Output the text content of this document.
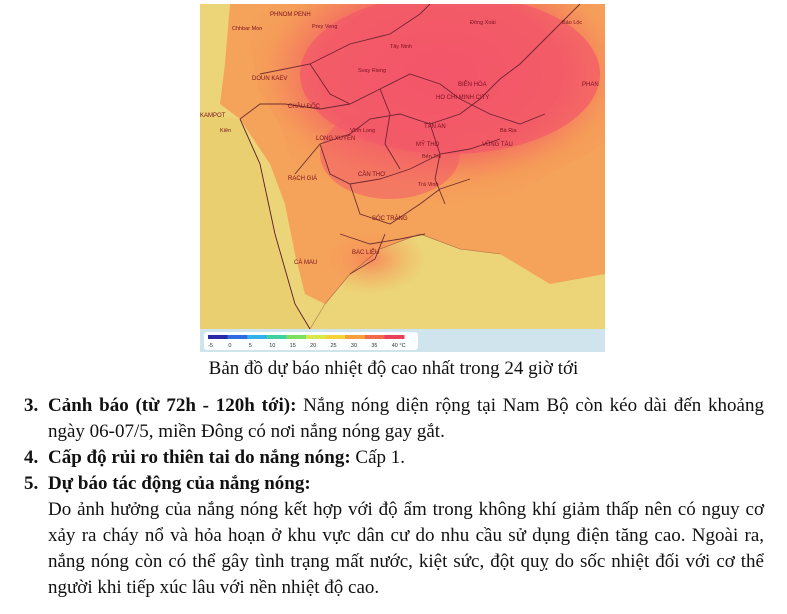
PHNOM PENH
Chhbar Mon	Prey Veng
Đồng Xoài	Bảo Lộc
Tây Ninh
Svay Rieng
DOUN KAEV
BIÊN HÒA	PHAN
HO CHI MINH CITY
CHÂU ĐỐC
KAMPOT
LONG XUYÊN
Vĩnh Long
TÂN AN
Bà Rịa
MỸ THO	VŨNG TÀU
Bến Tre
RẠCH GIÁ
CẦN THƠ
Trà Vinh
SÓC TRĂNG
BẠC LIÊU
CÀ MAU
Kiên
-5	0	5	10	15	20	25	30	35	40 °C
Bản đồ dự báo nhiệt độ cao nhất trong 24 giờ tới
3. Cảnh báo (từ 72h - 120h tới): Nắng nóng diện rộng tại Nam Bộ còn kéo dài đến khoảng ngày 06-07/5, miền Đông có nơi nắng nóng gay gắt.
4. Cấp độ rủi ro thiên tai do nắng nóng: Cấp 1.
5. Dự báo tác động của nắng nóng:
Do ảnh hưởng của nắng nóng kết hợp với độ ẩm trong không khí giảm thấp nên có nguy cơ xảy ra cháy nổ và hỏa hoạn ở khu vực dân cư do nhu cầu sử dụng điện tăng cao. Ngoài ra, nắng nóng còn có thể gây tình trạng mất nước, kiệt sức, đột quỵ do sốc nhiệt đối với cơ thể người khi tiếp xúc lâu với nền nhiệt độ cao.
